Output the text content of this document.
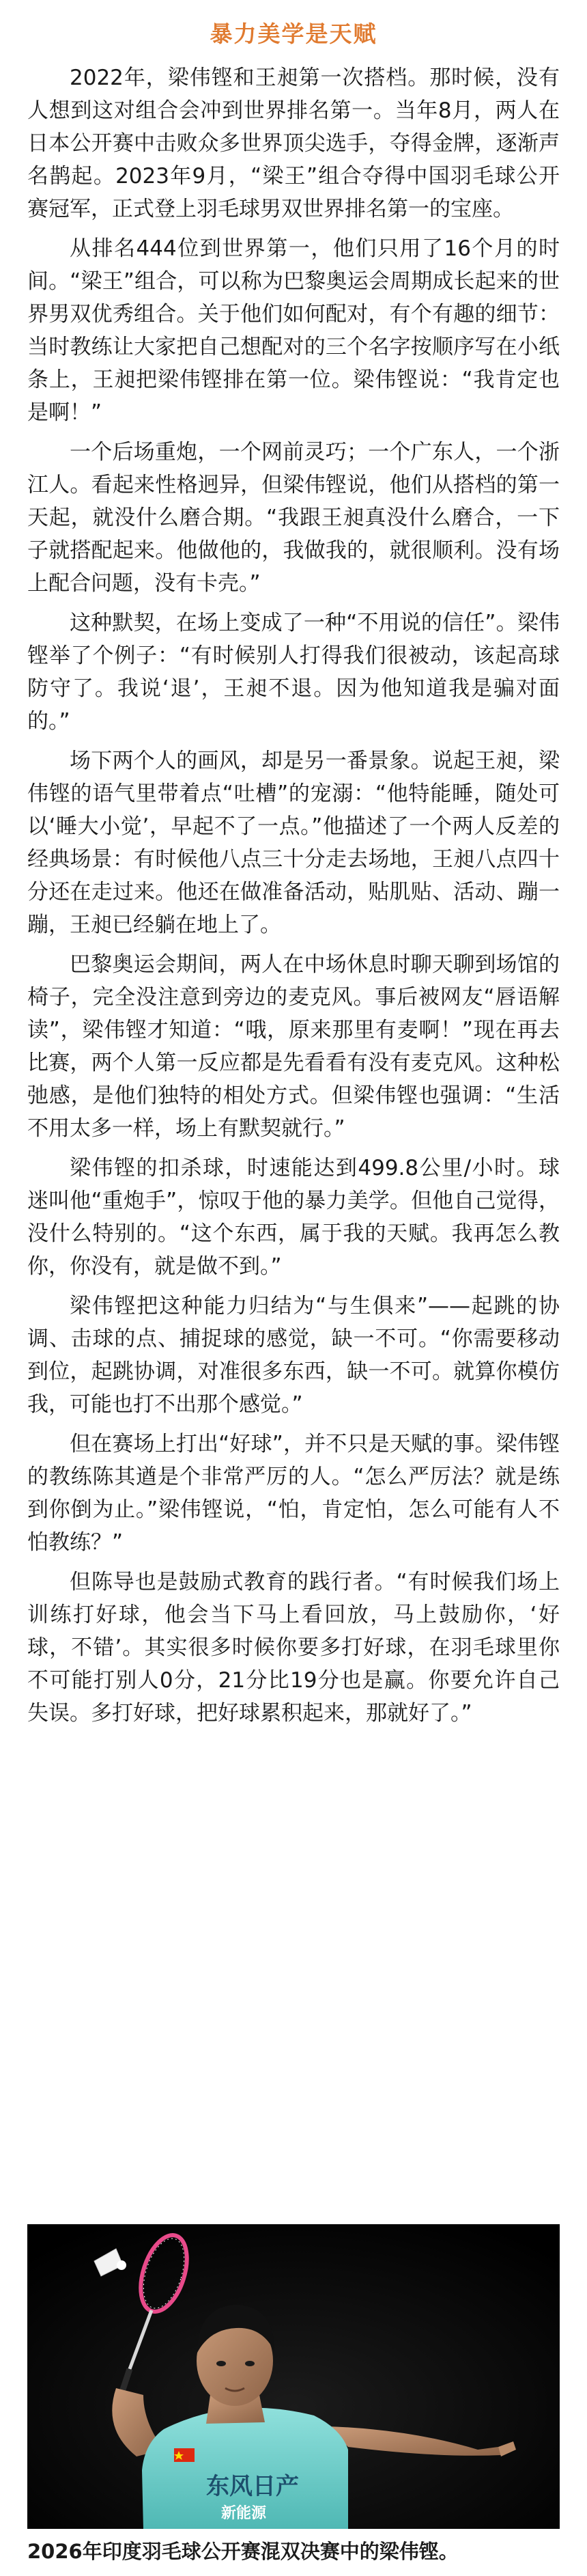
暴力美学是天赋

2022年，梁伟铿和王昶第一次搭档。那时候，没有人想到这对组合会冲到世界排名第一。当年8月，两人在日本公开赛中击败众多世界顶尖选手，夺得金牌，逐渐声名鹊起。2023年9月，“梁王”组合夺得中国羽毛球公开赛冠军，正式登上羽毛球男双世界排名第一的宝座。

从排名444位到世界第一，他们只用了16个月的时间。“梁王”组合，可以称为巴黎奥运会周期成长起来的世界男双优秀组合。关于他们如何配对，有个有趣的细节：当时教练让大家把自己想配对的三个名字按顺序写在小纸条上，王昶把梁伟铿排在第一位。梁伟铿说：“我肯定也是啊！”

一个后场重炮，一个网前灵巧；一个广东人，一个浙江人。看起来性格迥异，但梁伟铿说，他们从搭档的第一天起，就没什么磨合期。“我跟王昶真没什么磨合，一下子就搭配起来。他做他的，我做我的，就很顺利。没有场上配合问题，没有卡壳。”

这种默契，在场上变成了一种“不用说的信任”。梁伟铿举了个例子：“有时候别人打得我们很被动，该起高球防守了。我说‘退’，王昶不退。因为他知道我是骗对面的。”

场下两个人的画风，却是另一番景象。说起王昶，梁伟铿的语气里带着点“吐槽”的宠溺：“他特能睡，随处可以‘睡大小觉’，早起不了一点。”他描述了一个两人反差的经典场景：有时候他八点三十分走去场地，王昶八点四十分还在走过来。他还在做准备活动，贴肌贴、活动、蹦一蹦，王昶已经躺在地上了。

巴黎奥运会期间，两人在中场休息时聊天聊到场馆的椅子，完全没注意到旁边的麦克风。事后被网友“唇语解读”，梁伟铿才知道：“哦，原来那里有麦啊！”现在再去比赛，两个人第一反应都是先看看有没有麦克风。这种松弛感，是他们独特的相处方式。但梁伟铿也强调：“生活不用太多一样，场上有默契就行。”

梁伟铿的扣杀球，时速能达到499.8公里/小时。球迷叫他“重炮手”，惊叹于他的暴力美学。但他自己觉得，没什么特别的。“这个东西，属于我的天赋。我再怎么教你，你没有，就是做不到。”

梁伟铿把这种能力归结为“与生俱来”——起跳的协调、击球的点、捕捉球的感觉，缺一不可。“你需要移动到位，起跳协调，对准很多东西，缺一不可。就算你模仿我，可能也打不出那个感觉。”

但在赛场上打出“好球”，并不只是天赋的事。梁伟铿的教练陈其遒是个非常严厉的人。“怎么严厉法？就是练到你倒为止。”梁伟铿说，“怕，肯定怕，怎么可能有人不怕教练？”

但陈导也是鼓励式教育的践行者。“有时候我们场上训练打好球，他会当下马上看回放，马上鼓励你，‘好球，不错’。其实很多时候你要多打好球，在羽毛球里你不可能打别人0分，21分比19分也是赢。你要允许自己失误。多打好球，把好球累积起来，那就好了。”

东风日产
新能源
2026年印度羽毛球公开赛混双决赛中的梁伟铿。
